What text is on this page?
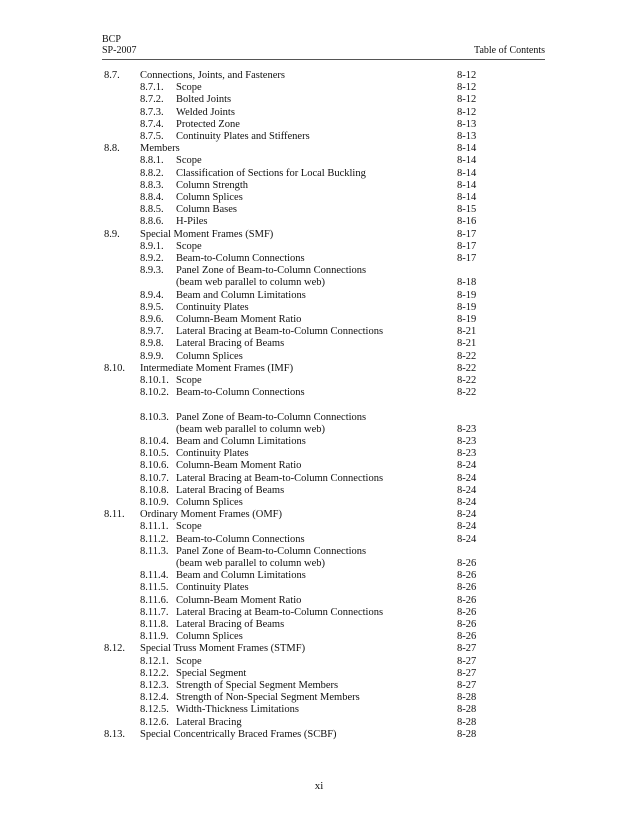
BCP
SP-2007	Table of Contents
8.7. Connections, Joints, and Fasteners	8-12
8.7.1. Scope	8-12
8.7.2. Bolted Joints	8-12
8.7.3. Welded Joints	8-12
8.7.4. Protected Zone	8-13
8.7.5. Continuity Plates and Stiffeners	8-13
8.8. Members	8-14
8.8.1. Scope	8-14
8.8.2. Classification of Sections for Local Buckling	8-14
8.8.3. Column Strength	8-14
8.8.4. Column Splices	8-14
8.8.5. Column Bases	8-15
8.8.6. H-Piles	8-16
8.9. Special Moment Frames (SMF)	8-17
8.9.1. Scope	8-17
8.9.2. Beam-to-Column Connections	8-17
8.9.3. Panel Zone of Beam-to-Column Connections
(beam web parallel to column web)	8-18
8.9.4. Beam and Column Limitations	8-19
8.9.5. Continuity Plates	8-19
8.9.6. Column-Beam Moment Ratio	8-19
8.9.7. Lateral Bracing at Beam-to-Column Connections	8-21
8.9.8. Lateral Bracing of Beams	8-21
8.9.9. Column Splices	8-22
8.10. Intermediate Moment Frames (IMF)	8-22
8.10.1. Scope	8-22
8.10.2. Beam-to-Column Connections	8-22
8.10.3. Panel Zone of Beam-to-Column Connections
(beam web parallel to column web)	8-23
8.10.4. Beam and Column Limitations	8-23
8.10.5. Continuity Plates	8-23
8.10.6. Column-Beam Moment Ratio	8-24
8.10.7. Lateral Bracing at Beam-to-Column Connections	8-24
8.10.8. Lateral Bracing of Beams	8-24
8.10.9. Column Splices	8-24
8.11. Ordinary Moment Frames (OMF)	8-24
8.11.1. Scope	8-24
8.11.2. Beam-to-Column Connections	8-24
8.11.3. Panel Zone of Beam-to-Column Connections
(beam web parallel to column web)	8-26
8.11.4. Beam and Column Limitations	8-26
8.11.5. Continuity Plates	8-26
8.11.6. Column-Beam Moment Ratio	8-26
8.11.7. Lateral Bracing at Beam-to-Column Connections	8-26
8.11.8. Lateral Bracing of Beams	8-26
8.11.9. Column Splices	8-26
8.12. Special Truss Moment Frames (STMF)	8-27
8.12.1. Scope	8-27
8.12.2. Special Segment	8-27
8.12.3. Strength of Special Segment Members	8-27
8.12.4. Strength of Non-Special Segment Members	8-28
8.12.5. Width-Thickness Limitations	8-28
8.12.6. Lateral Bracing	8-28
8.13. Special Concentrically Braced Frames (SCBF)	8-28
xi
